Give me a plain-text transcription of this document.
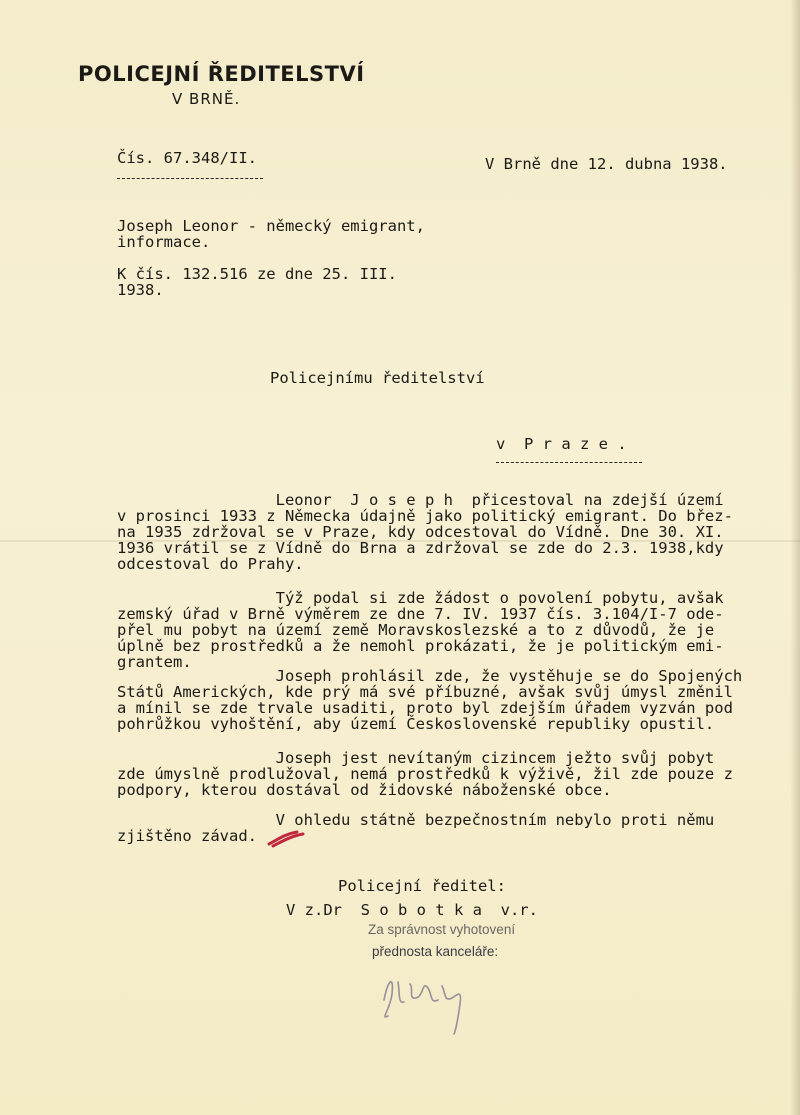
POLICEJNÍ ŘEDITELSTVÍ
V BRNĚ.
Čís. 67.348/II.	V Brně dne 12. dubna 1938.
Joseph Leonor - německý emigrant,
informace.
K čís. 132.516 ze dne 25. III.
1938.
Policejnímu ředitelství
v  P r a z e .
Leonor  J o s e p h  přicestoval na zdejší území
v prosinci 1933 z Německa údajně jako politický emigrant. Do břez-
na 1935 zdržoval se v Praze, kdy odcestoval do Vídně. Dne 30. XI.
1936 vrátil se z Vídně do Brna a zdržoval se zde do 2.3. 1938,kdy
odcestoval do Prahy.
Týž podal si zde žádost o povolení pobytu, avšak
zemský úřad v Brně výměrem ze dne 7. IV. 1937 čís. 3.104/I-7 ode-
přel mu pobyt na území země Moravskoslezské a to z důvodů, že je
úplně bez prostředků a že nemohl prokázati, že je politickým emi-
grantem.
Joseph prohlásil zde, že vystěhuje se do Spojených
Států Amerických, kde prý má své příbuzné, avšak svůj úmysl změnil
a mínil se zde trvale usaditi, proto byl zdejším úřadem vyzván pod
pohrůžkou vyhoštění, aby území Československé republiky opustil.
Joseph jest nevítaným cizincem ježto svůj pobyt
zde úmyslně prodlužoval, nemá prostředků k výživě, žil zde pouze z
podpory, kterou dostával od židovské náboženské obce.
V ohledu státně bezpečnostním nebylo proti němu
zjištěno závad.
Policejní ředitel:
V z.Dr  S o b o t k a  v.r.
Za správnost vyhotovení
přednosta kanceláře:
